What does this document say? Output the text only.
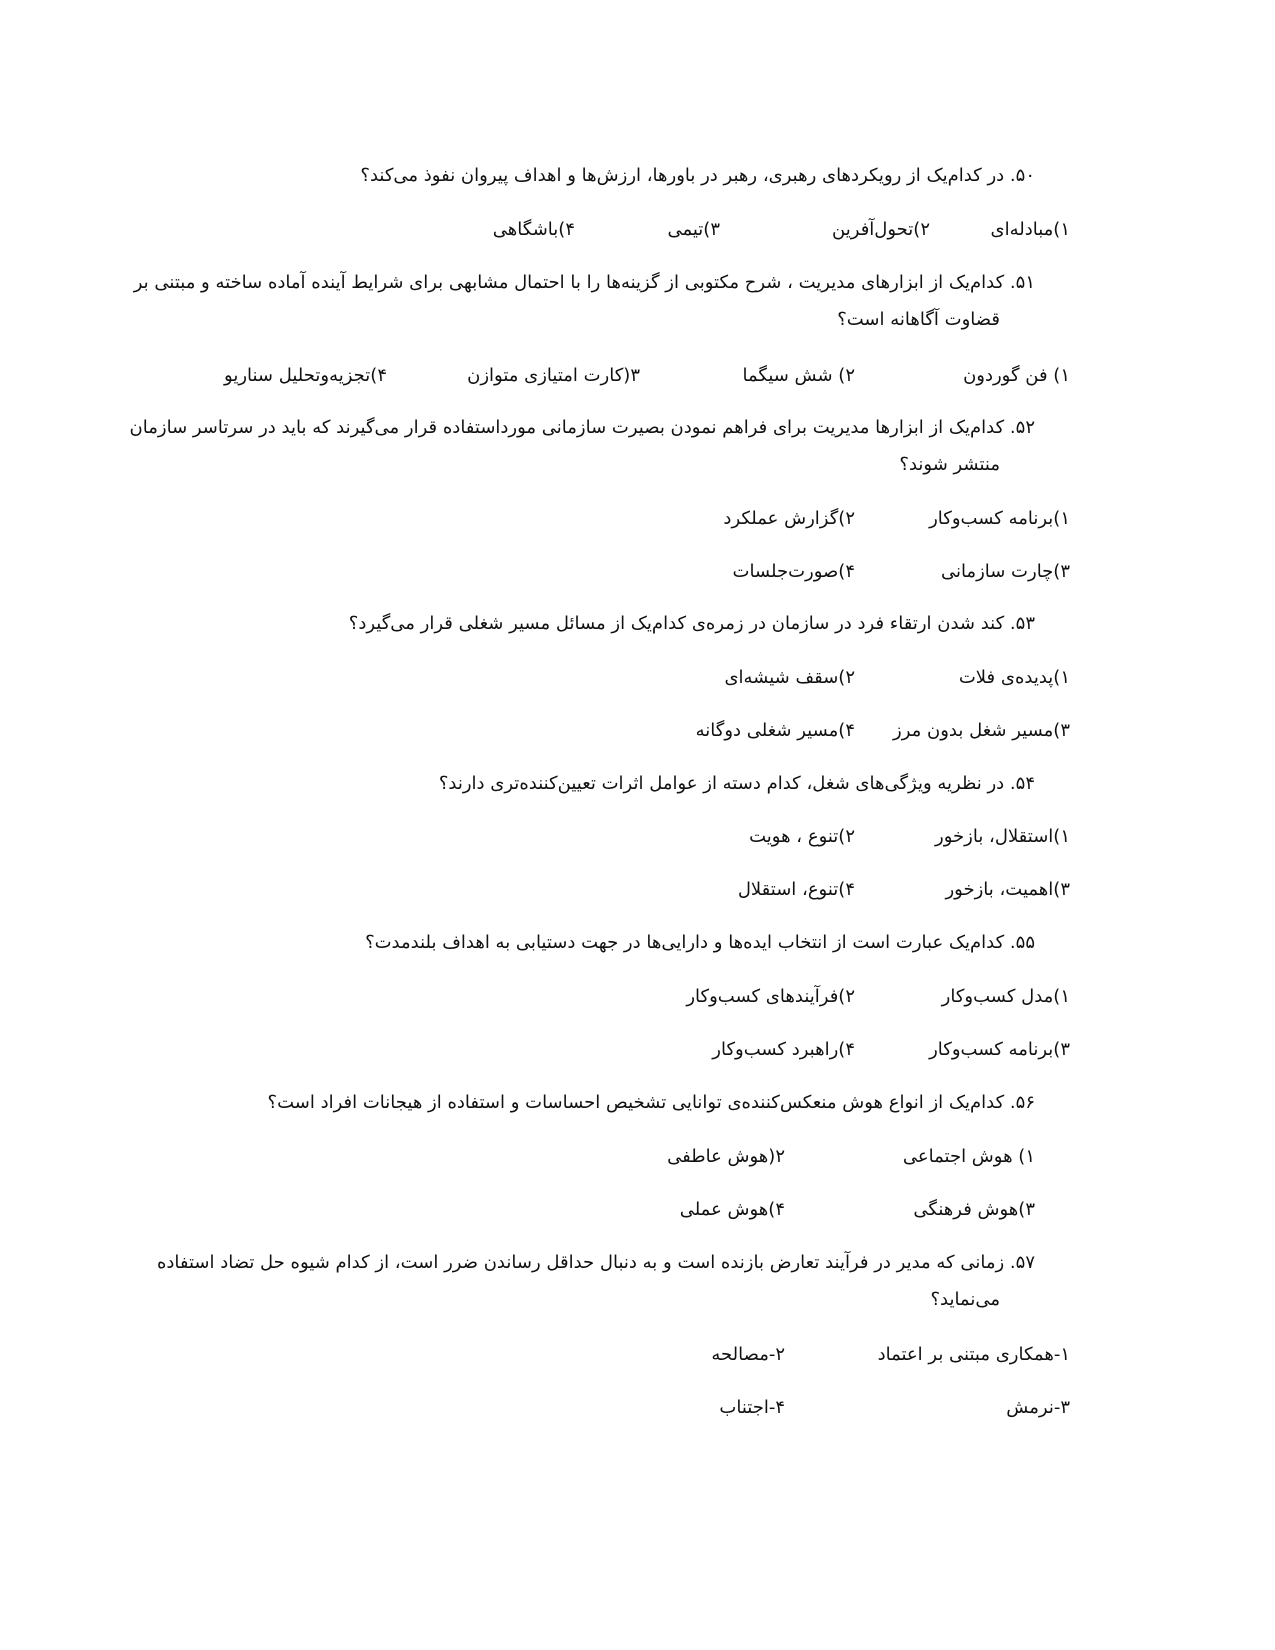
۵۰. در کدام‌یک از رویکردهای رهبری، رهبر در باورها، ارزش‌ها و اهداف پیروان نفوذ می‌کند؟
۱)مبادله‌ای
۲)تحول‌آفرین
۳)تیمی
۴)باشگاهی
۵۱. کدام‌یک از ابزارهای مدیریت ، شرح مکتوبی از گزینه‌ها را با احتمال مشابهی برای شرایط آینده آماده ساخته و مبتنی بر
قضاوت آگاهانه است؟
۱) فن گوردون
۲) شش سیگما
۳(کارت امتیازی متوازن
۴)تجزیه‌وتحلیل سناریو
۵۲. کدام‌یک از ابزارها مدیریت برای فراهم نمودن بصیرت سازمانی مورداستفاده قرار می‌گیرند که باید در سرتاسر سازمان
منتشر شوند؟
۱)برنامه کسب‌وکار
۲)گزارش عملکرد
۳)چارت سازمانی
۴)صورت‌جلسات
۵۳. کند شدن ارتقاء فرد در سازمان در زمره‌ی کدام‌یک از مسائل مسیر شغلی قرار می‌گیرد؟
۱)پدیده‌ی فلات
۲)سقف شیشه‌ای
۳)مسیر شغل بدون مرز
۴)مسیر شغلی دوگانه
۵۴. در نظریه ویژگی‌های شغل، کدام دسته از عوامل اثرات تعیین‌کننده‌تری دارند؟
۱)استقلال، بازخور
۲)تنوع ، هویت
۳)اهمیت، بازخور
۴)تنوع، استقلال
۵۵. کدام‌یک عبارت است از انتخاب ایده‌ها و دارایی‌ها در جهت دستیابی به اهداف بلندمدت؟
۱)مدل کسب‌وکار
۲)فرآیندهای کسب‌وکار
۳)برنامه کسب‌وکار
۴)راهبرد کسب‌وکار
۵۶. کدام‌یک از انواع هوش منعکس‌کننده‌ی توانایی تشخیص احساسات و استفاده از هیجانات افراد است؟
۱) هوش اجتماعی
۲(هوش عاطفی
۳)هوش فرهنگی
۴)هوش عملی
۵۷. زمانی که مدیر در فرآیند تعارض بازنده است و به دنبال حداقل رساندن ضرر است، از کدام شیوه حل تضاد استفاده
می‌نماید؟
۱-همکاری مبتنی بر اعتماد
۲-مصالحه
۳-نرمش
۴-اجتناب
